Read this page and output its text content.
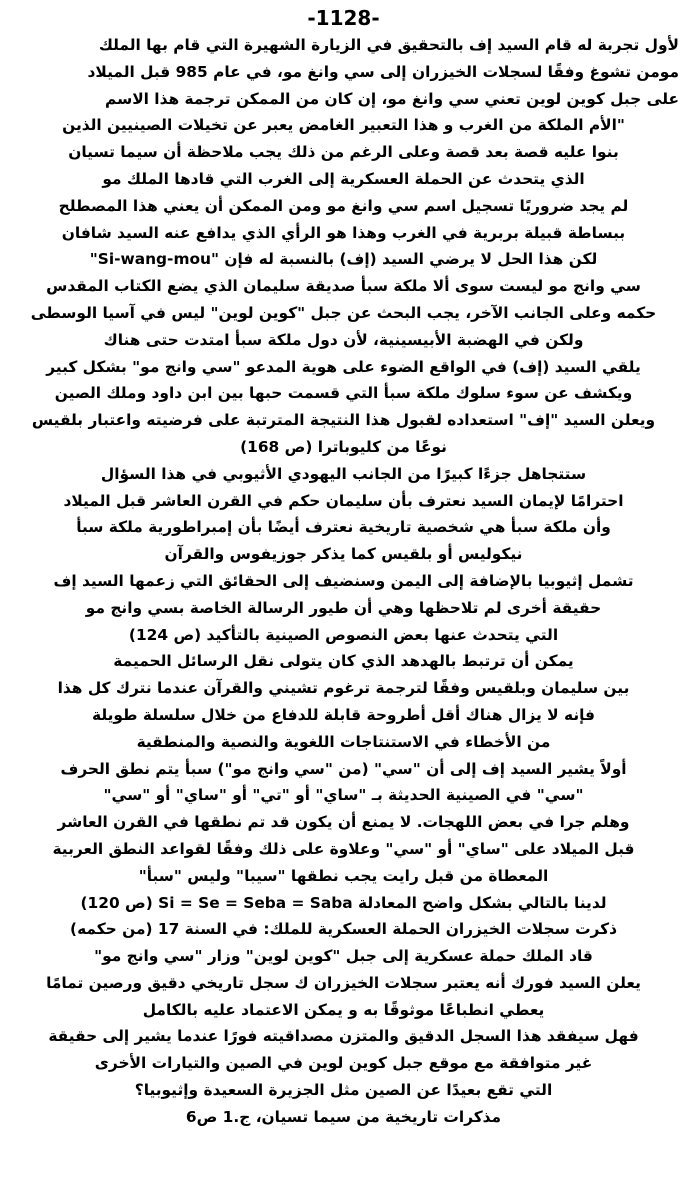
-1128-
لأول تجربة له قام السيد إف بالتحقيق في الزيارة الشهيرة التي قام بها الملك
مومن تشوغ وفقًا لسجلات الخيزران إلى سي وانغ مو، في عام 985 قبل الميلاد
على جبل كوين لوين تعني سي وانغ مو، إن كان من الممكن ترجمة هذا الاسم
"الأم الملكة من الغرب و هذا التعبير الغامض يعبر عن تخيلات الصينيين الذين
بنوا عليه قصة بعد قصة وعلى الرغم من ذلك يجب ملاحظة أن سيما تسيان
الذي يتحدث عن الحملة العسكرية إلى الغرب التي قادها الملك مو
لم يجد ضروريًا تسجيل اسم سي وانغ مو ومن الممكن أن يعني هذا المصطلح
ببساطة قبيلة بربرية في الغرب وهذا هو الرأي الذي يدافع عنه السيد شافان
لكن هذا الحل لا يرضي السيد (إف) بالنسبة له فإن "Si-wang-mou"
سي وانج مو ليست سوى ألا ملكة سبأ صديقة سليمان الذي يضع الكتاب المقدس
حكمه وعلى الجانب الآخر، يجب البحث عن جبل "كوين لوين" ليس في آسيا الوسطى
ولكن في الهضبة الأبيسينية، لأن دول ملكة سبأ امتدت حتى هناك
يلقي السيد (إف) في الواقع الضوء على هوية المدعو "سي وانج مو" بشكل كبير
ويكشف عن سوء سلوك ملكة سبأ التي قسمت حبها بين ابن داود وملك الصين
ويعلن السيد "إف" استعداده لقبول هذا النتيجة المترتبة على فرضيته واعتبار بلقيس
نوعًا من كليوباترا (ص 168)
ستتجاهل جزءًا كبيرًا من الجانب اليهودي الأثيوبي في هذا السؤال
احترامًا لإيمان السيد نعترف بأن سليمان حكم في القرن العاشر قبل الميلاد
وأن ملكة سبأ هي شخصية تاريخية نعترف أيضًا بأن إمبراطورية ملكة سبأ
نيكوليس أو بلقيس كما يذكر جوزيفوس والقرآن
تشمل إثيوبيا بالإضافة إلى اليمن وسنضيف إلى الحقائق التي زعمها السيد إف
حقيقة أخرى لم تلاحظها وهي أن طيور الرسالة الخاصة بسي وانج مو
التي يتحدث عنها بعض النصوص الصينية بالتأكيد (ص 124)
يمكن أن ترتبط بالهدهد الذي كان يتولى نقل الرسائل الحميمة
بين سليمان وبلقيس وفقًا لترجمة ترغوم تشيني والقرآن عندما نترك كل هذا
فإنه لا يزال هناك أقل أطروحة قابلة للدفاع من خلال سلسلة طويلة
من الأخطاء في الاستنتاجات اللغوية والنصية والمنطقية
أولاً يشير السيد إف إلى أن "سي" (من "سي وانج مو") سبأ يتم نطق الحرف
"سي" في الصينية الحديثة بـ "ساي" أو "تي" أو "ساي" أو "سي"
وهلم جرا في بعض اللهجات. لا يمنع أن يكون قد تم نطقها في القرن العاشر
قبل الميلاد على "ساي" أو "سي" وعلاوة على ذلك وفقًا لقواعد النطق العربية
المعطاة من قبل رايت يجب نطقها "سيبا" وليس "سبأ"
لدينا بالتالي بشكل واضح المعادلة Si = Se = Seba = Saba (ص 120)
ذكرت سجلات الخيزران الحملة العسكرية للملك: في السنة 17 (من حكمه)
قاد الملك حملة عسكرية إلى جبل "كوين لوين" وزار "سي وانج مو"
يعلن السيد فورك أنه يعتبر سجلات الخيزران ك سجل تاريخي دقيق ورصين تمامًا
يعطي انطباعًا موثوقًا به و يمكن الاعتماد عليه بالكامل
فهل سيفقد هذا السجل الدقيق والمتزن مصداقيته فورًا عندما يشير إلى حقيقة
غير متوافقة مع موقع جبل كوين لوين في الصين والتيارات الأخرى
التي تقع بعيدًا عن الصين مثل الجزيرة السعيدة وإثيوبيا؟
مذكرات تاريخية من سيما تسيان، ج.1 ص6
